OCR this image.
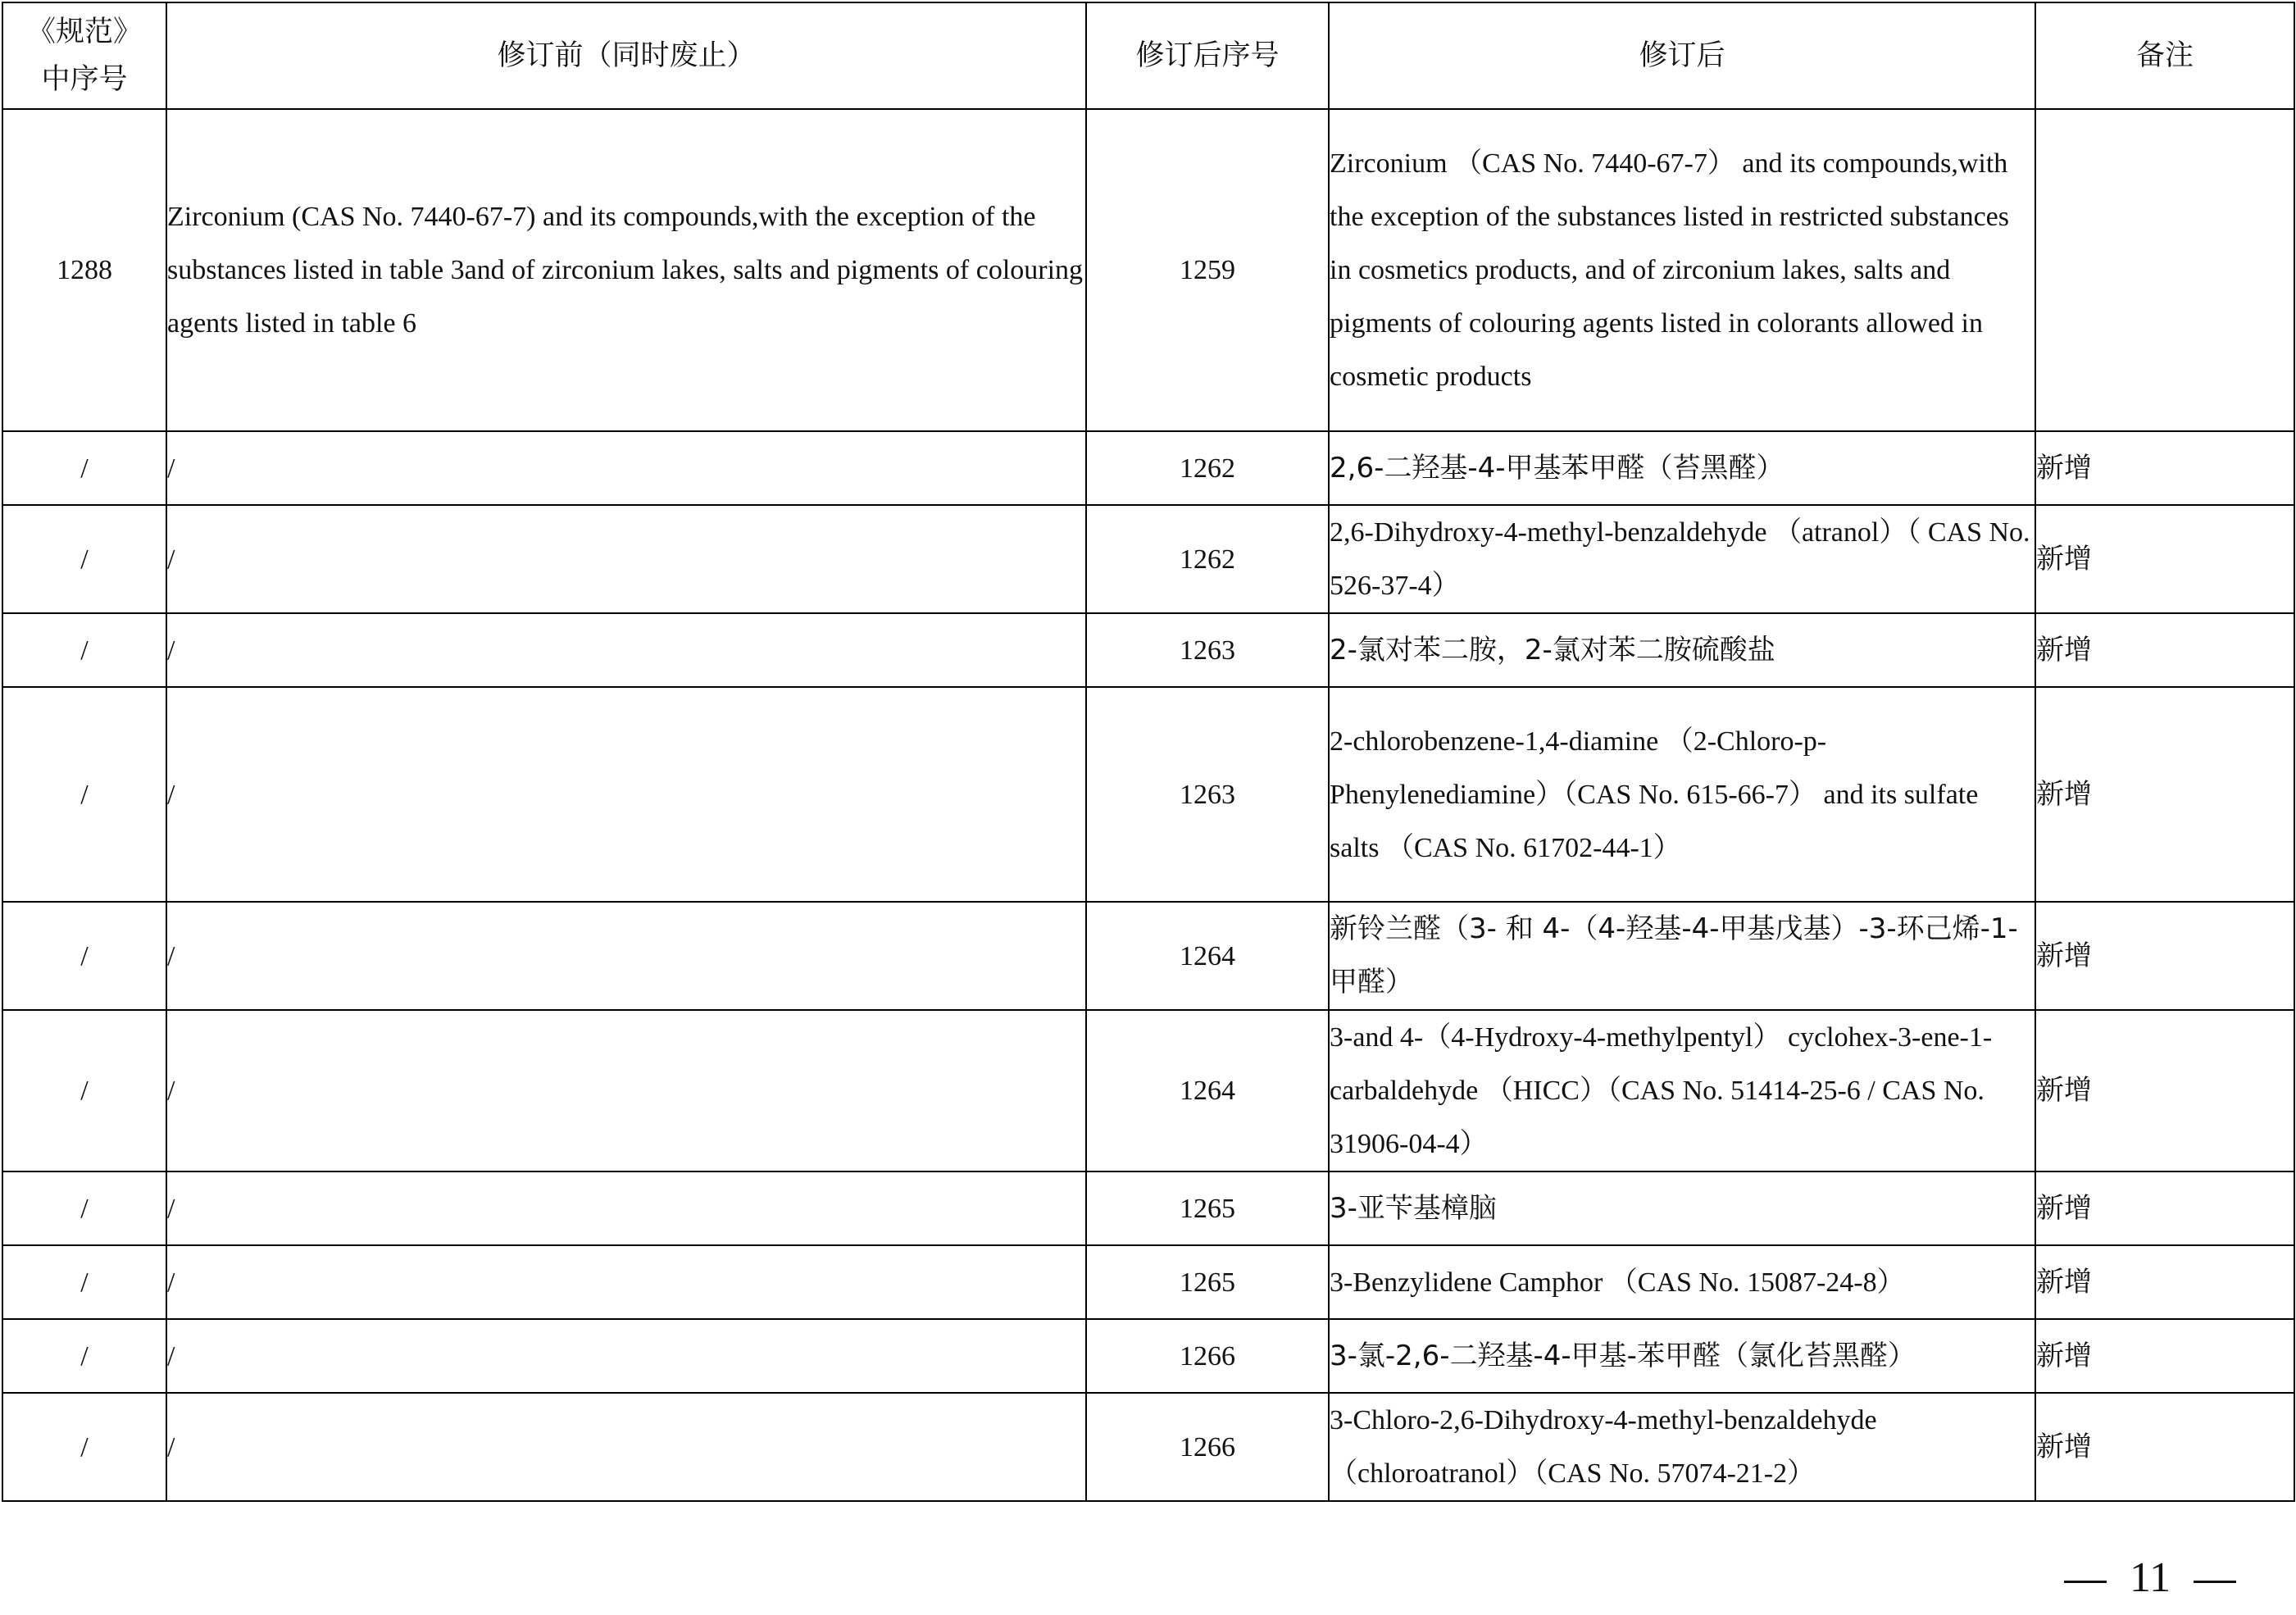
《规范》
中序号	修订前（同时废止）	修订后序号	修订后	备注
1288	Zirconium (CAS No. 7440-67-7) and its compounds,with the exception of the substances listed in table 3and of zirconium lakes, salts and pigments of colouring agents listed in table 6	1259	Zirconium （CAS No. 7440-67-7） and its compounds,with the exception of the substances listed in restricted substances in cosmetics products, and of zirconium lakes, salts and pigments of colouring agents listed in colorants allowed in cosmetic products	
/	/	1262	2,6-二羟基-4-甲基苯甲醛（苔黑醛）	新增
/	/	1262	2,6-Dihydroxy-4-methyl-benzaldehyde （atranol）（ CAS No. 526-37-4）	新增
/	/	1263	2-氯对苯二胺，2-氯对苯二胺硫酸盐	新增
/	/	1263	2-chlorobenzene-1,4-diamine （2-Chloro-p-Phenylenediamine）（CAS No. 615-66-7） and its sulfate salts （CAS No. 61702-44-1）	新增
/	/	1264	新铃兰醛（3- 和 4-（4-羟基-4-甲基戊基）-3-环己烯-1-甲醛）	新增
/	/	1264	3-and 4-（4-Hydroxy-4-methylpentyl） cyclohex-3-ene-1-carbaldehyde （HICC）（CAS No. 51414-25-6 / CAS No. 31906-04-4）	新增
/	/	1265	3-亚苄基樟脑	新增
/	/	1265	3-Benzylidene Camphor （CAS No. 15087-24-8）	新增
/	/	1266	3-氯-2,6-二羟基-4-甲基-苯甲醛（氯化苔黑醛）	新增
/	/	1266	3-Chloro-2,6-Dihydroxy-4-methyl-benzaldehyde （chloroatranol）（CAS No. 57074-21-2）	新增
11
